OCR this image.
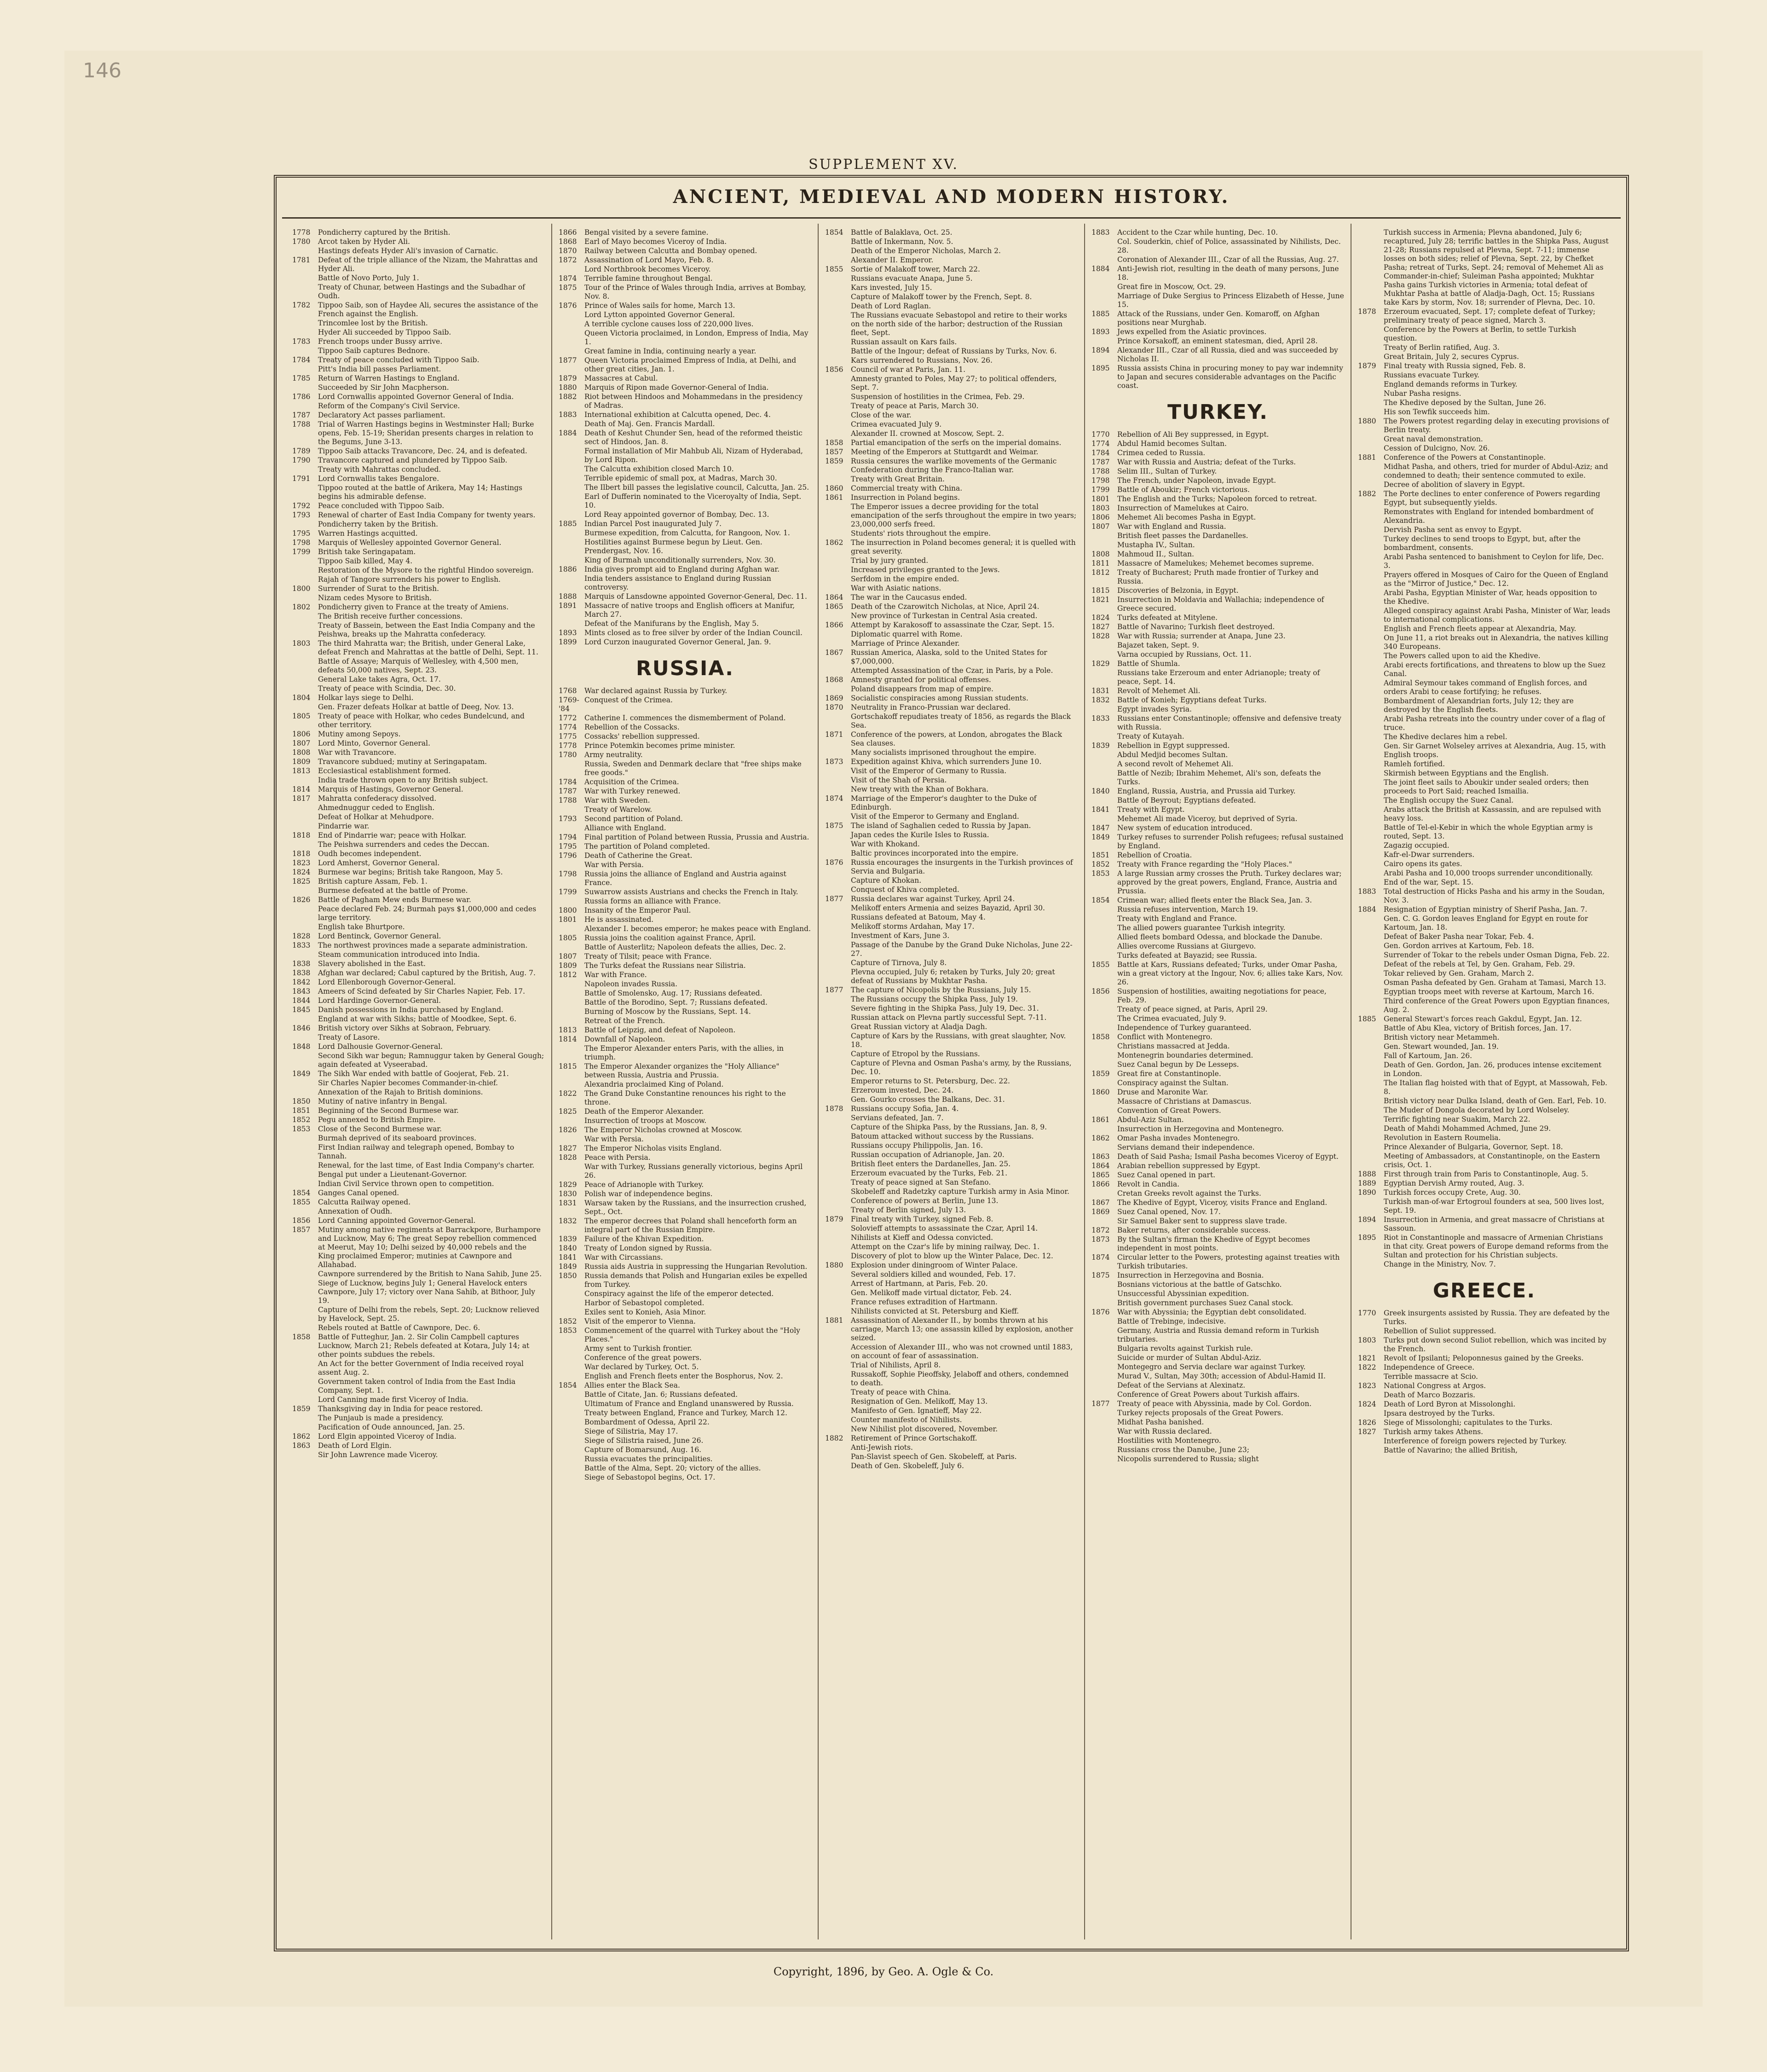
146
SUPPLEMENT XV.
ANCIENT, MEDIEVAL AND MODERN HISTORY.
1778	Pondicherry captured by the British.
1780	Arcot taken by Hyder Ali.
Hastings defeats Hyder Ali's invasion of Carnatic.
1781	Defeat of the triple alliance of the Nizam, the Mahrattas and Hyder Ali.
Battle of Novo Porto, July 1.
Treaty of Chunar, between Hastings and the Subadhar of Oudh.
1782	Tippoo Saib, son of Haydee Ali, secures the assistance of the French against the English.
Trincomlee lost by the British.
Hyder Ali succeeded by Tippoo Saib.
1783	French troops under Bussy arrive.
Tippoo Saib captures Bednore.
1784	Treaty of peace concluded with Tippoo Saib.
Pitt's India bill passes Parliament.
1785	Return of Warren Hastings to England.
Succeeded by Sir John Macpherson.
1786	Lord Cornwallis appointed Governor General of India.
Reform of the Company's Civil Service.
1787	Declaratory Act passes parliament.
1788	Trial of Warren Hastings begins in Westminster Hall; Burke opens, Feb. 15-19; Sheridan presents charges in relation to the Begums, June 3-13.
1789	Tippoo Saib attacks Travancore, Dec. 24, and is defeated.
1790	Travancore captured and plundered by Tippoo Saib.
Treaty with Mahrattas concluded.
1791	Lord Cornwallis takes Bengalore.
Tippoo routed at the battle of Arikera, May 14; Hastings begins his admirable defense.
1792	Peace concluded with Tippoo Saib.
1793	Renewal of charter of East India Company for twenty years.
Pondicherry taken by the British.
1795	Warren Hastings acquitted.
1798	Marquis of Wellesley appointed Governor General.
1799	British take Seringapatam.
Tippoo Saib killed, May 4.
Restoration of the Mysore to the rightful Hindoo sovereign.
Rajah of Tangore surrenders his power to English.
1800	Surrender of Surat to the British.
Nizam cedes Mysore to British.
1802	Pondicherry given to France at the treaty of Amiens.
The British receive further concessions.
Treaty of Bassein, between the East India Company and the Peishwa, breaks up the Mahratta confederacy.
1803	The third Mahratta war; the British, under General Lake, defeat French and Mahrattas at the battle of Delhi, Sept. 11.
Battle of Assaye; Marquis of Wellesley, with 4,500 men, defeats 50,000 natives, Sept. 23.
General Lake takes Agra, Oct. 17.
Treaty of peace with Scindia, Dec. 30.
1804	Holkar lays siege to Delhi.
Gen. Frazer defeats Holkar at battle of Deeg, Nov. 13.
1805	Treaty of peace with Holkar, who cedes Bundelcund, and other territory.
1806	Mutiny among Sepoys.
1807	Lord Minto, Governor General.
1808	War with Travancore.
1809	Travancore subdued; mutiny at Seringapatam.
1813	Ecclesiastical establishment formed.
India trade thrown open to any British subject.
1814	Marquis of Hastings, Governor General.
1817	Mahratta confederacy dissolved.
Ahmednuggur ceded to English.
Defeat of Holkar at Mehudpore.
Pindarrie war.
1818	End of Pindarrie war; peace with Holkar.
The Peishwa surrenders and cedes the Deccan.
1818	Oudh becomes independent.
1823	Lord Amherst, Governor General.
1824	Burmese war begins; British take Rangoon, May 5.
1825	British capture Assam, Feb. 1.
Burmese defeated at the battle of Prome.
1826	Battle of Pagham Mew ends Burmese war.
Peace declared Feb. 24; Burmah pays $1,000,000 and cedes large territory.
English take Bhurtpore.
1828	Lord Bentinck, Governor General.
1833	The northwest provinces made a separate administration.
Steam communication introduced into India.
1838	Slavery abolished in the East.
1838	Afghan war declared; Cabul captured by the British, Aug. 7.
1842	Lord Ellenborough Governor-General.
1843	Ameers of Scind defeated by Sir Charles Napier, Feb. 17.
1844	Lord Hardinge Governor-General.
1845	Danish possessions in India purchased by England.
England at war with Sikhs; battle of Moodkee, Sept. 6.
1846	British victory over Sikhs at Sobraon, February.
Treaty of Lasore.
1848	Lord Dalhousie Governor-General.
Second Sikh war begun; Ramnuggur taken by General Gough; again defeated at Vyseerabad.
1849	The Sikh War ended with battle of Goojerat, Feb. 21.
Sir Charles Napier becomes Commander-in-chief.
Annexation of the Rajah to British dominions.
1850	Mutiny of native infantry in Bengal.
1851	Beginning of the Second Burmese war.
1852	Pegu annexed to British Empire.
1853	Close of the Second Burmese war.
Burmah deprived of its seaboard provinces.
First Indian railway and telegraph opened, Bombay to Tannah.
Renewal, for the last time, of East India Company's charter.
Bengal put under a Lieutenant-Governor.
Indian Civil Service thrown open to competition.
1854	Ganges Canal opened.
1855	Calcutta Railway opened.
Annexation of Oudh.
1856	Lord Canning appointed Governor-General.
1857	Mutiny among native regiments at Barrackpore, Burhampore and Lucknow, May 6; The great Sepoy rebellion commenced at Meerut, May 10; Delhi seized by 40,000 rebels and the King proclaimed Emperor; mutinies at Cawnpore and Allahabad.
Cawnpore surrendered by the British to Nana Sahib, June 25.
Siege of Lucknow, begins July 1; General Havelock enters Cawnpore, July 17; victory over Nana Sahib, at Bithoor, July 19.
Capture of Delhi from the rebels, Sept. 20; Lucknow relieved by Havelock, Sept. 25.
Rebels routed at Battle of Cawnpore, Dec. 6.
1858	Battle of Futteghur, Jan. 2. Sir Colin Campbell captures Lucknow, March 21; Rebels defeated at Kotara, July 14; at other points subdues the rebels.
An Act for the better Government of India received royal assent Aug. 2.
Government taken control of India from the East India Company, Sept. 1.
Lord Canning made first Viceroy of India.
1859	Thanksgiving day in India for peace restored.
The Punjaub is made a presidency.
Pacification of Oude announced, Jan. 25.
1862	Lord Elgin appointed Viceroy of India.
1863	Death of Lord Elgin.
Sir John Lawrence made Viceroy.
1866	Bengal visited by a severe famine.
1868	Earl of Mayo becomes Viceroy of India.
1870	Railway between Calcutta and Bombay opened.
1872	Assassination of Lord Mayo, Feb. 8.
Lord Northbrook becomes Viceroy.
1874	Terrible famine throughout Bengal.
1875	Tour of the Prince of Wales through India, arrives at Bombay, Nov. 8.
1876	Prince of Wales sails for home, March 13.
Lord Lytton appointed Governor General.
A terrible cyclone causes loss of 220,000 lives.
Queen Victoria proclaimed, in London, Empress of India, May 1.
Great famine in India, continuing nearly a year.
1877	Queen Victoria proclaimed Empress of India, at Delhi, and other great cities, Jan. 1.
1879	Massacres at Cabul.
1880	Marquis of Ripon made Governor-General of India.
1882	Riot between Hindoos and Mohammedans in the presidency of Madras.
1883	International exhibition at Calcutta opened, Dec. 4.
Death of Maj. Gen. Francis Mardall.
1884	Death of Keshut Chunder Sen, head of the reformed theistic sect of Hindoos, Jan. 8.
Formal installation of Mir Mahbub Ali, Nizam of Hyderabad, by Lord Ripon.
The Calcutta exhibition closed March 10.
Terrible epidemic of small pox, at Madras, March 30.
The Ilbert bill passes the legislative council, Calcutta, Jan. 25.
Earl of Dufferin nominated to the Viceroyalty of India, Sept. 10.
Lord Reay appointed governor of Bombay, Dec. 13.
1885	Indian Parcel Post inaugurated July 7.
Burmese expedition, from Calcutta, for Rangoon, Nov. 1.
Hostilities against Burmese begun by Lieut. Gen. Prendergast, Nov. 16.
King of Burmah unconditionally surrenders, Nov. 30.
1886	India gives prompt aid to England during Afghan war.
India tenders assistance to England during Russian controversy.
1888	Marquis of Lansdowne appointed Governor-General, Dec. 11.
1891	Massacre of native troops and English officers at Manifur, March 27.
Defeat of the Manifurans by the English, May 5.
1893	Mints closed as to free silver by order of the Indian Council.
1899	Lord Curzon inaugurated Governor General, Jan. 9.
RUSSIA.
1768	War declared against Russia by Turkey.
1769-'84
Conquest of the Crimea.
1772	Catherine I. commences the dismemberment of Poland.
1774	Rebellion of the Cossacks.
1775	Cossacks' rebellion suppressed.
1778	Prince Potemkin becomes prime minister.
1780	Army neutrality.
Russia, Sweden and Denmark declare that "free ships make free goods."
1784	Acquisition of the Crimea.
1787	War with Turkey renewed.
1788	War with Sweden.
Treaty of Warelow.
1793	Second partition of Poland.
Alliance with England.
1794	Final partition of Poland between Russia, Prussia and Austria.
1795	The partition of Poland completed.
1796	Death of Catherine the Great.
War with Persia.
1798	Russia joins the alliance of England and Austria against France.
1799	Suwarrow assists Austrians and checks the French in Italy.
Russia forms an alliance with France.
1800	Insanity of the Emperor Paul.
1801	He is assassinated.
Alexander I. becomes emperor; he makes peace with England.
1805	Russia joins the coalition against France, April.
Battle of Austerlitz; Napoleon defeats the allies, Dec. 2.
1807	Treaty of Tilsit; peace with France.
1809	The Turks defeat the Russians near Silistria.
1812	War with France.
Napoleon invades Russia.
Battle of Smolensko, Aug. 17; Russians defeated.
Battle of the Borodino, Sept. 7; Russians defeated.
Burning of Moscow by the Russians, Sept. 14.
Retreat of the French.
1813	Battle of Leipzig, and defeat of Napoleon.
1814	Downfall of Napoleon.
The Emperor Alexander enters Paris, with the allies, in triumph.
1815	The Emperor Alexander organizes the "Holy Alliance" between Russia, Austria and Prussia.
Alexandria proclaimed King of Poland.
1822	The Grand Duke Constantine renounces his right to the throne.
1825	Death of the Emperor Alexander.
Insurrection of troops at Moscow.
1826	The Emperor Nicholas crowned at Moscow.
War with Persia.
1827	The Emperor Nicholas visits England.
1828	Peace with Persia.
War with Turkey, Russians generally victorious, begins April 26.
1829	Peace of Adrianople with Turkey.
1830	Polish war of independence begins.
1831	Warsaw taken by the Russians, and the insurrection crushed, Sept., Oct.
1832	The emperor decrees that Poland shall henceforth form an integral part of the Russian Empire.
1839	Failure of the Khivan Expedition.
1840	Treaty of London signed by Russia.
1841	War with Circassians.
1849	Russia aids Austria in suppressing the Hungarian Revolution.
1850	Russia demands that Polish and Hungarian exiles be expelled from Turkey.
Conspiracy against the life of the emperor detected.
Harbor of Sebastopol completed.
Exiles sent to Konieh, Asia Minor.
1852	Visit of the emperor to Vienna.
1853	Commencement of the quarrel with Turkey about the "Holy Places."
Army sent to Turkish frontier.
Conference of the great powers.
War declared by Turkey, Oct. 5.
English and French fleets enter the Bosphorus, Nov. 2.
1854	Allies enter the Black Sea.
Battle of Citate, Jan. 6; Russians defeated.
Ultimatum of France and England unanswered by Russia.
Treaty between England, France and Turkey, March 12.
Bombardment of Odessa, April 22.
Siege of Silistria, May 17.
Siege of Silistria raised, June 26.
Capture of Bomarsund, Aug. 16.
Russia evacuates the principalities.
Battle of the Alma, Sept. 20; victory of the allies.
Siege of Sebastopol begins, Oct. 17.
1854	Battle of Balaklava, Oct. 25.
Battle of Inkermann, Nov. 5.
Death of the Emperor Nicholas, March 2.
Alexander II. Emperor.
1855	Sortie of Malakoff tower, March 22.
Russians evacuate Anapa, June 5.
Kars invested, July 15.
Capture of Malakoff tower by the French, Sept. 8.
Death of Lord Raglan.
The Russians evacuate Sebastopol and retire to their works on the north side of the harbor; destruction of the Russian fleet, Sept.
Russian assault on Kars fails.
Battle of the Ingour; defeat of Russians by Turks, Nov. 6.
Kars surrendered to Russians, Nov. 26.
1856	Council of war at Paris, Jan. 11.
Amnesty granted to Poles, May 27; to political offenders, Sept. 7.
Suspension of hostilities in the Crimea, Feb. 29.
Treaty of peace at Paris, March 30.
Close of the war.
Crimea evacuated July 9.
Alexander II. crowned at Moscow, Sept. 2.
1858	Partial emancipation of the serfs on the imperial domains.
1857	Meeting of the Emperors at Stuttgardt and Weimar.
1859	Russia censures the warlike movements of the Germanic Confederation during the Franco-Italian war.
Treaty with Great Britain.
1860	Commercial treaty with China.
1861	Insurrection in Poland begins.
The Emperor issues a decree providing for the total emancipation of the serfs throughout the empire in two years; 23,000,000 serfs freed.
Students' riots throughout the empire.
1862	The insurrection in Poland becomes general; it is quelled with great severity.
Trial by jury granted.
Increased privileges granted to the Jews.
Serfdom in the empire ended.
War with Asiatic nations.
1864	The war in the Caucasus ended.
1865	Death of the Czarowitch Nicholas, at Nice, April 24.
New province of Turkestan in Central Asia created.
1866	Attempt by Karakosoff to assassinate the Czar, Sept. 15.
Diplomatic quarrel with Rome.
Marriage of Prince Alexander.
1867	Russian America, Alaska, sold to the United States for $7,000,000.
Attempted Assassination of the Czar, in Paris, by a Pole.
1868	Amnesty granted for political offenses.
Poland disappears from map of empire.
1869	Socialistic conspiracies among Russian students.
1870	Neutrality in Franco-Prussian war declared.
Gortschakoff repudiates treaty of 1856, as regards the Black Sea.
1871	Conference of the powers, at London, abrogates the Black Sea clauses.
Many socialists imprisoned throughout the empire.
1873	Expedition against Khiva, which surrenders June 10.
Visit of the Emperor of Germany to Russia.
Visit of the Shah of Persia.
New treaty with the Khan of Bokhara.
1874	Marriage of the Emperor's daughter to the Duke of Edinburgh.
Visit of the Emperor to Germany and England.
1875	The island of Saghalien ceded to Russia by Japan.
Japan cedes the Kurile Isles to Russia.
War with Khokand.
Baltic provinces incorporated into the empire.
1876	Russia encourages the insurgents in the Turkish provinces of Servia and Bulgaria.
Capture of Khokan.
Conquest of Khiva completed.
1877	Russia declares war against Turkey, April 24.
Melikoff enters Armenia and seizes Bayazid, April 30.
Russians defeated at Batoum, May 4.
Melikoff storms Ardahan, May 17.
Investment of Kars, June 3.
Passage of the Danube by the Grand Duke Nicholas, June 22-27.
Capture of Tirnova, July 8.
Plevna occupied, July 6; retaken by Turks, July 20; great defeat of Russians by Mukhtar Pasha.
1877	The capture of Nicopolis by the Russians, July 15.
The Russians occupy the Shipka Pass, July 19.
Severe fighting in the Shipka Pass, July 19, Dec. 31.
Russian attack on Plevna partly successful Sept. 7-11.
Great Russian victory at Aladja Dagh.
Capture of Kars by the Russians, with great slaughter, Nov. 18.
Capture of Etropol by the Russians.
Capture of Plevna and Osman Pasha's army, by the Russians, Dec. 10.
Emperor returns to St. Petersburg, Dec. 22.
Erzeroum invested, Dec. 24.
Gen. Gourko crosses the Balkans, Dec. 31.
1878	Russians occupy Sofia, Jan. 4.
Servians defeated, Jan. 7.
Capture of the Shipka Pass, by the Russians, Jan. 8, 9.
Batoum attacked without success by the Russians.
Russians occupy Philippolis, Jan. 16.
Russian occupation of Adrianople, Jan. 20.
British fleet enters the Dardanelles, Jan. 25.
Erzeroum evacuated by the Turks, Feb. 21.
Treaty of peace signed at San Stefano.
Skobeleff and Radetzky capture Turkish army in Asia Minor.
Conference of powers at Berlin, June 13.
Treaty of Berlin signed, July 13.
1879	Final treaty with Turkey, signed Feb. 8.
Solovieff attempts to assassinate the Czar, April 14.
Nihilists at Kieff and Odessa convicted.
Attempt on the Czar's life by mining railway, Dec. 1.
Discovery of plot to blow up the Winter Palace, Dec. 12.
1880	Explosion under diningroom of Winter Palace.
Several soldiers killed and wounded, Feb. 17.
Arrest of Hartmann, at Paris, Feb. 20.
Gen. Melikoff made virtual dictator, Feb. 24.
France refuses extradition of Hartmann.
Nihilists convicted at St. Petersburg and Kieff.
1881	Assassination of Alexander II., by bombs thrown at his carriage, March 13; one assassin killed by explosion, another seized.
Accession of Alexander III., who was not crowned until 1883, on account of fear of assassination.
Trial of Nihilists, April 8.
Russakoff, Sophie Pieoffsky, Jelaboff and others, condemned to death.
Treaty of peace with China.
Resignation of Gen. Melikoff, May 13.
Manifesto of Gen. Ignatieff, May 22.
Counter manifesto of Nihilists.
New Nihilist plot discovered, November.
1882	Retirement of Prince Gortschakoff.
Anti-Jewish riots.
Pan-Slavist speech of Gen. Skobeleff, at Paris.
Death of Gen. Skobeleff, July 6.
1883	Accident to the Czar while hunting, Dec. 10.
Col. Souderkin, chief of Police, assassinated by Nihilists, Dec. 28.
Coronation of Alexander III., Czar of all the Russias, Aug. 27.
1884	Anti-Jewish riot, resulting in the death of many persons, June 18.
Great fire in Moscow, Oct. 29.
Marriage of Duke Sergius to Princess Elizabeth of Hesse, June 15.
1885	Attack of the Russians, under Gen. Komaroff, on Afghan positions near Murghab.
1893	Jews expelled from the Asiatic provinces.
Prince Korsakoff, an eminent statesman, died, April 28.
1894	Alexander III., Czar of all Russia, died and was succeeded by Nicholas II.
1895	Russia assists China in procuring money to pay war indemnity to Japan and secures considerable advantages on the Pacific coast.
TURKEY.
1770	Rebellion of Ali Bey suppressed, in Egypt.
1774	Abdul Hamid becomes Sultan.
1784	Crimea ceded to Russia.
1787	War with Russia and Austria; defeat of the Turks.
1788	Selim III., Sultan of Turkey.
1798	The French, under Napoleon, invade Egypt.
1799	Battle of Aboukir; French victorious.
1801	The English and the Turks; Napoleon forced to retreat.
1803	Insurrection of Mamelukes at Cairo.
1806	Mehemet Ali becomes Pasha in Egypt.
1807	War with England and Russia.
British fleet passes the Dardanelles.
Mustapha IV., Sultan.
1808	Mahmoud II., Sultan.
1811	Massacre of Mamelukes; Mehemet becomes supreme.
1812	Treaty of Bucharest; Pruth made frontier of Turkey and Russia.
1815	Discoveries of Belzonia, in Egypt.
1821	Insurrection in Moldavia and Wallachia; independence of Greece secured.
1824	Turks defeated at Mitylene.
1827	Battle of Navarino; Turkish fleet destroyed.
1828	War with Russia; surrender at Anapa, June 23.
Bajazet taken, Sept. 9.
Varna occupied by Russians, Oct. 11.
1829	Battle of Shumla.
Russians take Erzeroum and enter Adrianople; treaty of peace, Sept. 14.
1831	Revolt of Mehemet Ali.
1832	Battle of Konieh; Egyptians defeat Turks.
Egypt invades Syria.
1833	Russians enter Constantinople; offensive and defensive treaty with Russia.
Treaty of Kutayah.
1839	Rebellion in Egypt suppressed.
Abdul Medjid becomes Sultan.
A second revolt of Mehemet Ali.
Battle of Nezib; Ibrahim Mehemet, Ali's son, defeats the Turks.
1840	England, Russia, Austria, and Prussia aid Turkey.
Battle of Beyrout; Egyptians defeated.
1841	Treaty with Egypt.
Mehemet Ali made Viceroy, but deprived of Syria.
1847	New system of education introduced.
1849	Turkey refuses to surrender Polish refugees; refusal sustained by England.
1851	Rebellion of Croatia.
1852	Treaty with France regarding the "Holy Places."
1853	A large Russian army crosses the Pruth. Turkey declares war; approved by the great powers, England, France, Austria and Prussia.
1854	Crimean war; allied fleets enter the Black Sea, Jan. 3.
Russia refuses intervention, March 19.
Treaty with England and France.
The allied powers guarantee Turkish integrity.
Allied fleets bombard Odessa, and blockade the Danube.
Allies overcome Russians at Giurgevo.
Turks defeated at Bayazid; see Russia.
1855	Battle at Kars, Russians defeated; Turks, under Omar Pasha, win a great victory at the Ingour, Nov. 6; allies take Kars, Nov. 26.
1856	Suspension of hostilities, awaiting negotiations for peace, Feb. 29.
Treaty of peace signed, at Paris, April 29.
The Crimea evacuated, July 9.
Independence of Turkey guaranteed.
1858	Conflict with Montenegro.
Christians massacred at Jedda.
Montenegrin boundaries determined.
Suez Canal begun by De Lesseps.
1859	Great fire at Constantinople.
Conspiracy against the Sultan.
1860	Druse and Maronite War.
Massacre of Christians at Damascus.
Convention of Great Powers.
1861	Abdul-Aziz Sultan.
Insurrection in Herzegovina and Montenegro.
1862	Omar Pasha invades Montenegro.
Servians demand their independence.
1863	Death of Said Pasha; Ismail Pasha becomes Viceroy of Egypt.
1864	Arabian rebellion suppressed by Egypt.
1865	Suez Canal opened in part.
1866	Revolt in Candia.
Cretan Greeks revolt against the Turks.
1867	The Khedive of Egypt, Viceroy, visits France and England.
1869	Suez Canal opened, Nov. 17.
Sir Samuel Baker sent to suppress slave trade.
1872	Baker returns, after considerable success.
1873	By the Sultan's firman the Khedive of Egypt becomes independent in most points.
1874	Circular letter to the Powers, protesting against treaties with Turkish tributaries.
1875	Insurrection in Herzegovina and Bosnia.
Bosnians victorious at the battle of Gatschko.
Unsuccessful Abyssinian expedition.
British government purchases Suez Canal stock.
1876	War with Abyssinia; the Egyptian debt consolidated.
Battle of Trebinge, indecisive.
Germany, Austria and Russia demand reform in Turkish tributaries.
Bulgaria revolts against Turkish rule.
Suicide or murder of Sultan Abdul-Aziz.
Montegegro and Servia declare war against Turkey.
Murad V., Sultan, May 30th; accession of Abdul-Hamid II.
Defeat of the Servians at Alexinatz.
Conference of Great Powers about Turkish affairs.
1877	Treaty of peace with Abyssinia, made by Col. Gordon.
Turkey rejects proposals of the Great Powers.
Midhat Pasha banished.
War with Russia declared.
Hostilities with Montenegro.
Russians cross the Danube, June 23;
Nicopolis surrendered to Russia; slight
Turkish success in Armenia; Plevna abandoned, July 6; recaptured, July 28; terrific battles in the Shipka Pass, August 21-28; Russians repulsed at Plevna, Sept. 7-11; immense losses on both sides; relief of Plevna, Sept. 22, by Chefket Pasha; retreat of Turks, Sept. 24; removal of Mehemet Ali as Commander-in-chief; Suleiman Pasha appointed; Mukhtar Pasha gains Turkish victories in Armenia; total defeat of Mukhtar Pasha at battle of Aladja-Dagh, Oct. 15; Russians take Kars by storm, Nov. 18; surrender of Plevna, Dec. 10.
1878	Erzeroum evacuated, Sept. 17; complete defeat of Turkey; preliminary treaty of peace signed, March 3.
Conference by the Powers at Berlin, to settle Turkish question.
Treaty of Berlin ratified, Aug. 3.
Great Britain, July 2, secures Cyprus.
1879	Final treaty with Russia signed, Feb. 8.
Russians evacuate Turkey.
England demands reforms in Turkey.
Nubar Pasha resigns.
The Khedive deposed by the Sultan, June 26.
His son Tewfik succeeds him.
1880	The Powers protest regarding delay in executing provisions of Berlin treaty.
Great naval demonstration.
Cession of Dulcigno, Nov. 26.
1881	Conference of the Powers at Constantinople.
Midhat Pasha, and others, tried for murder of Abdul-Aziz; and condemned to death; their sentence commuted to exile.
Decree of abolition of slavery in Egypt.
1882	The Porte declines to enter conference of Powers regarding Egypt, but subsequently yields.
Remonstrates with England for intended bombardment of Alexandria.
Dervish Pasha sent as envoy to Egypt.
Turkey declines to send troops to Egypt, but, after the bombardment, consents.
Arabi Pasha sentenced to banishment to Ceylon for life, Dec. 3.
Prayers offered in Mosques of Cairo for the Queen of England as the "Mirror of Justice," Dec. 12.
Arabi Pasha, Egyptian Minister of War, heads opposition to the Khedive.
Alleged conspiracy against Arabi Pasha, Minister of War, leads to international complications.
English and French fleets appear at Alexandria, May.
On June 11, a riot breaks out in Alexandria, the natives killing 340 Europeans.
The Powers called upon to aid the Khedive.
Arabi erects fortifications, and threatens to blow up the Suez Canal.
Admiral Seymour takes command of English forces, and orders Arabi to cease fortifying; he refuses.
Bombardment of Alexandrian forts, July 12; they are destroyed by the English fleets.
Arabi Pasha retreats into the country under cover of a flag of truce.
The Khedive declares him a rebel.
Gen. Sir Garnet Wolseley arrives at Alexandria, Aug. 15, with English troops.
Ramleh fortified.
Skirmish between Egyptians and the English.
The joint fleet sails to Aboukir under sealed orders; then proceeds to Port Said; reached Ismailia.
The English occupy the Suez Canal.
Arabs attack the British at Kassassin, and are repulsed with heavy loss.
Battle of Tel-el-Kebir in which the whole Egyptian army is routed, Sept. 13.
Zagazig occupied.
Kafr-el-Dwar surrenders.
Cairo opens its gates.
Arabi Pasha and 10,000 troops surrender unconditionally.
End of the war, Sept. 15.
1883	Total destruction of Hicks Pasha and his army in the Soudan, Nov. 3.
1884	Resignation of Egyptian ministry of Sherif Pasha, Jan. 7.
Gen. C. G. Gordon leaves England for Egypt en route for Kartoum, Jan. 18.
Defeat of Baker Pasha near Tokar, Feb. 4.
Gen. Gordon arrives at Kartoum, Feb. 18.
Surrender of Tokar to the rebels under Osman Digna, Feb. 22.
Defeat of the rebels at Tel, by Gen. Graham, Feb. 29.
Tokar relieved by Gen. Graham, March 2.
Osman Pasha defeated by Gen. Graham at Tamasi, March 13.
Egyptian troops meet with reverse at Kartoum, March 16.
Third conference of the Great Powers upon Egyptian finances, Aug. 2.
1885	General Stewart's forces reach Gakdul, Egypt, Jan. 12.
Battle of Abu Klea, victory of British forces, Jan. 17.
British victory near Metammeh.
Gen. Stewart wounded, Jan. 19.
Fall of Kartoum, Jan. 26.
Death of Gen. Gordon, Jan. 26, produces intense excitement in London.
The Italian flag hoisted with that of Egypt, at Massowah, Feb. 8.
British victory near Dulka Island, death of Gen. Earl, Feb. 10.
The Muder of Dongola decorated by Lord Wolseley.
Terrific fighting near Suakim, March 22.
Death of Mahdi Mohammed Achmed, June 29.
Revolution in Eastern Roumelia.
Prince Alexander of Bulgaria, Governor, Sept. 18.
Meeting of Ambassadors, at Constantinople, on the Eastern crisis, Oct. 1.
1888	First through train from Paris to Constantinople, Aug. 5.
1889	Egyptian Dervish Army routed, Aug. 3.
1890	Turkish forces occupy Crete, Aug. 30.
Turkish man-of-war Ertogroul founders at sea, 500 lives lost, Sept. 19.
1894	Insurrection in Armenia, and great massacre of Christians at Sassoun.
1895	Riot in Constantinople and massacre of Armenian Christians in that city. Great powers of Europe demand reforms from the Sultan and protection for his Christian subjects.
Change in the Ministry, Nov. 7.
GREECE.
1770	Greek insurgents assisted by Russia. They are defeated by the Turks.
Rebellion of Suliot suppressed.
1803	Turks put down second Suliot rebellion, which was incited by the French.
1821	Revolt of Ipsilanti; Peloponnesus gained by the Greeks.
1822	Independence of Greece.
Terrible massacre at Scio.
1823	National Congress at Argos.
Death of Marco Bozzaris.
1824	Death of Lord Byron at Missolonghi.
Ipsara destroyed by the Turks.
1826	Siege of Missolonghi; capitulates to the Turks.
1827	Turkish army takes Athens.
Interference of foreign powers rejected by Turkey.
Battle of Navarino; the allied British,
Copyright, 1896, by Geo. A. Ogle & Co.
